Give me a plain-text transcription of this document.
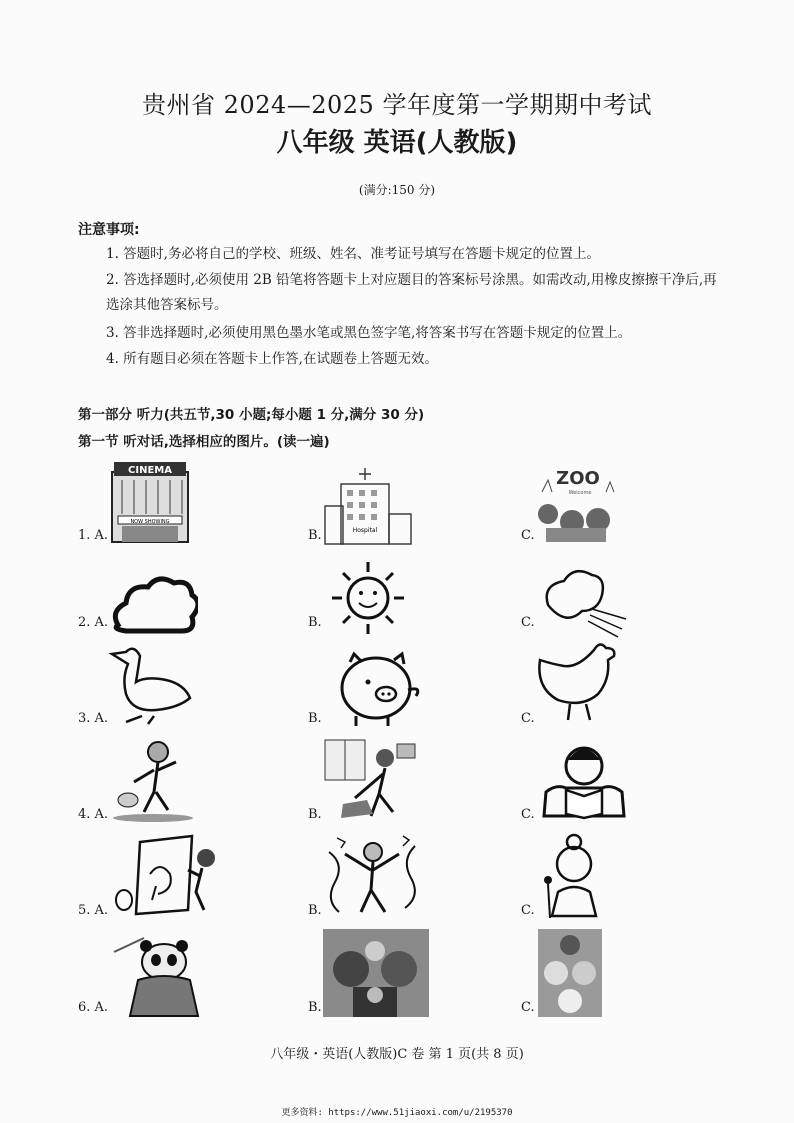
贵州省 2024—2025 学年度第一学期期中考试
八年级 英语(人教版)
(满分:150 分)
注意事项:
1. 答题时,务必将自己的学校、班级、姓名、准考证号填写在答题卡规定的位置上。
2. 答选择题时,必须使用 2B 铅笔将答题卡上对应题目的答案标号涂黑。如需改动,用橡皮擦擦干净后,再选涂其他答案标号。
3. 答非选择题时,必须使用黑色墨水笔或黑色签字笔,将答案书写在答题卡规定的位置上。
4. 所有题目必须在答题卡上作答,在试题卷上答题无效。
第一部分 听力(共五节,30 小题;每小题 1 分,满分 30 分)
第一节 听对话,选择相应的图片。(读一遍)
1. A.	B.	C.
CINEMA
NOW SHOWING
Hospital
ZOO
Welcome
2. A.	B.	C.
3. A.	B.	C.
4. A.	B.	C.
5. A.	B.	C.
6. A.	B.	C.
八年级・英语(人教版)C 卷 第 1 页(共 8 页)
更多资料: https://www.51jiaoxi.com/u/2195370
